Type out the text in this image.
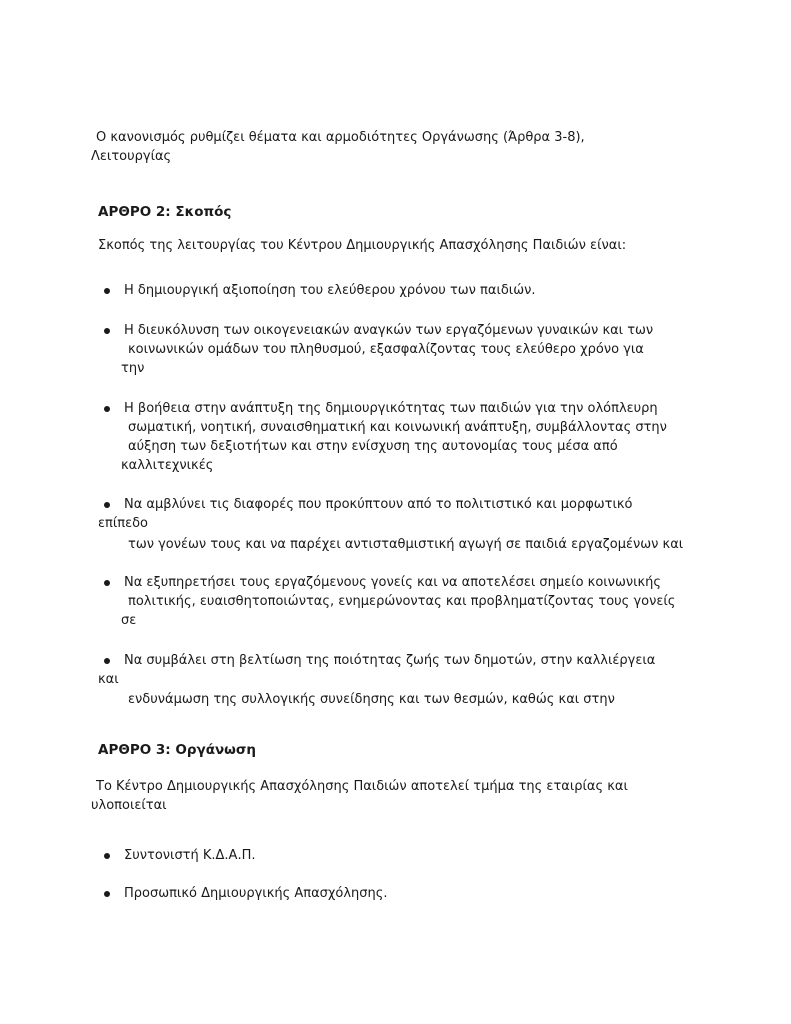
Ο κανονισμός ρυθμίζει θέματα και αρμοδιότητες Οργάνωσης (Άρθρα 3-8),

Λειτουργίας

ΑΡΘΡΟ 2: Σκοπός

Σκοπός της λειτουργίας του Κέντρου Δημιουργικής Απασχόλησης Παιδιών είναι:

Η δημιουργική αξιοποίηση του ελεύθερου χρόνου των παιδιών.

Η διευκόλυνση των οικογενειακών αναγκών των εργαζόμενων γυναικών και των

κοινωνικών ομάδων του πληθυσμού, εξασφαλίζοντας τους ελεύθερο χρόνο για

την

Η βοήθεια στην ανάπτυξη της δημιουργικότητας των παιδιών για την ολόπλευρη

σωματική, νοητική, συναισθηματική και κοινωνική ανάπτυξη, συμβάλλοντας στην

αύξηση των δεξιοτήτων και στην ενίσχυση της αυτονομίας τους μέσα από

καλλιτεχνικές

Να αμβλύνει τις διαφορές που προκύπτουν από το πολιτιστικό και μορφωτικό

επίπεδο

των γονέων τους και να παρέχει αντισταθμιστική αγωγή σε παιδιά εργαζομένων και

Να εξυπηρετήσει τους εργαζόμενους γονείς και να αποτελέσει σημείο κοινωνικής

πολιτικής, ευαισθητοποιώντας, ενημερώνοντας και προβληματίζοντας τους γονείς

σε

Να συμβάλει στη βελτίωση της ποιότητας ζωής των δημοτών, στην καλλιέργεια

και

ενδυνάμωση της συλλογικής συνείδησης και των θεσμών, καθώς και στην

ΑΡΘΡΟ 3: Οργάνωση

Το Κέντρο Δημιουργικής Απασχόλησης Παιδιών αποτελεί τμήμα της εταιρίας και

υλοποιείται

Συντονιστή Κ.Δ.Α.Π.

Προσωπικό Δημιουργικής Απασχόλησης.
